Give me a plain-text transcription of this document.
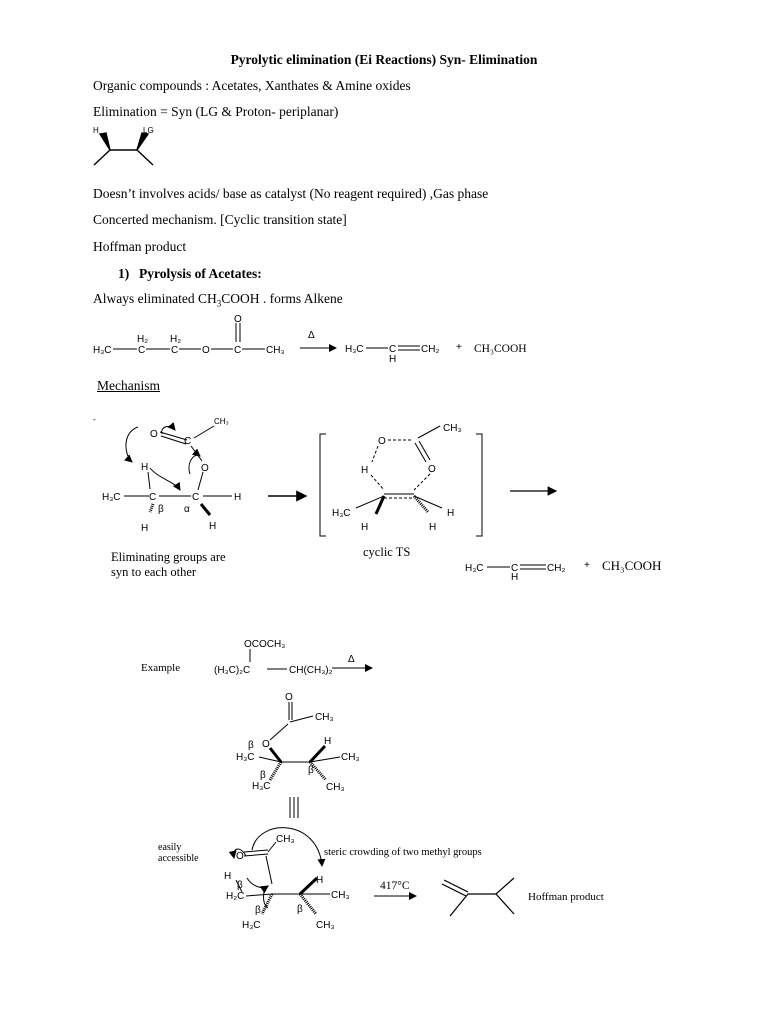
Pyrolytic elimination (Ei Reactions) Syn- Elimination
Organic compounds : Acetates, Xanthates & Amine oxides
Elimination = Syn (LG & Proton- periplanar)
Doesn’t involves acids/ base as catalyst (No reagent required) ,Gas phase
Concerted mechanism. [Cyclic transition state]
Hoffman product
1) Pyrolysis of Acetates:
Always eliminated $CH_3COOH$ . forms Alkene
Mechanism
Eliminating groups are
syn to each other
cyclic TS
Example
easily
accessible
steric crowding of two methyl groups
417°C
Hoffman product
H	LG
H₃C	C
H₂
C
H₂
O C
O
CH₃
Δ
H₃C	C
H
CH₂ + CH₃COOH
-
O
C
CH₃
O
H
H₃C	C	C	H
β α
H	H
O
CH₃
O
H
H₃C	H
H	H
H₃C	C
H
CH₂ + CH₃COOH
OCOCH₃
(H₃C)₂C	CH(CH₃)₂
Δ
O
CH₃
O
β
H₃C
β
H₃C
β
H
CH₃
CH₃
O
CH₃
H
β
H₂C
β
H₃C
β
H
CH₃
CH₃
